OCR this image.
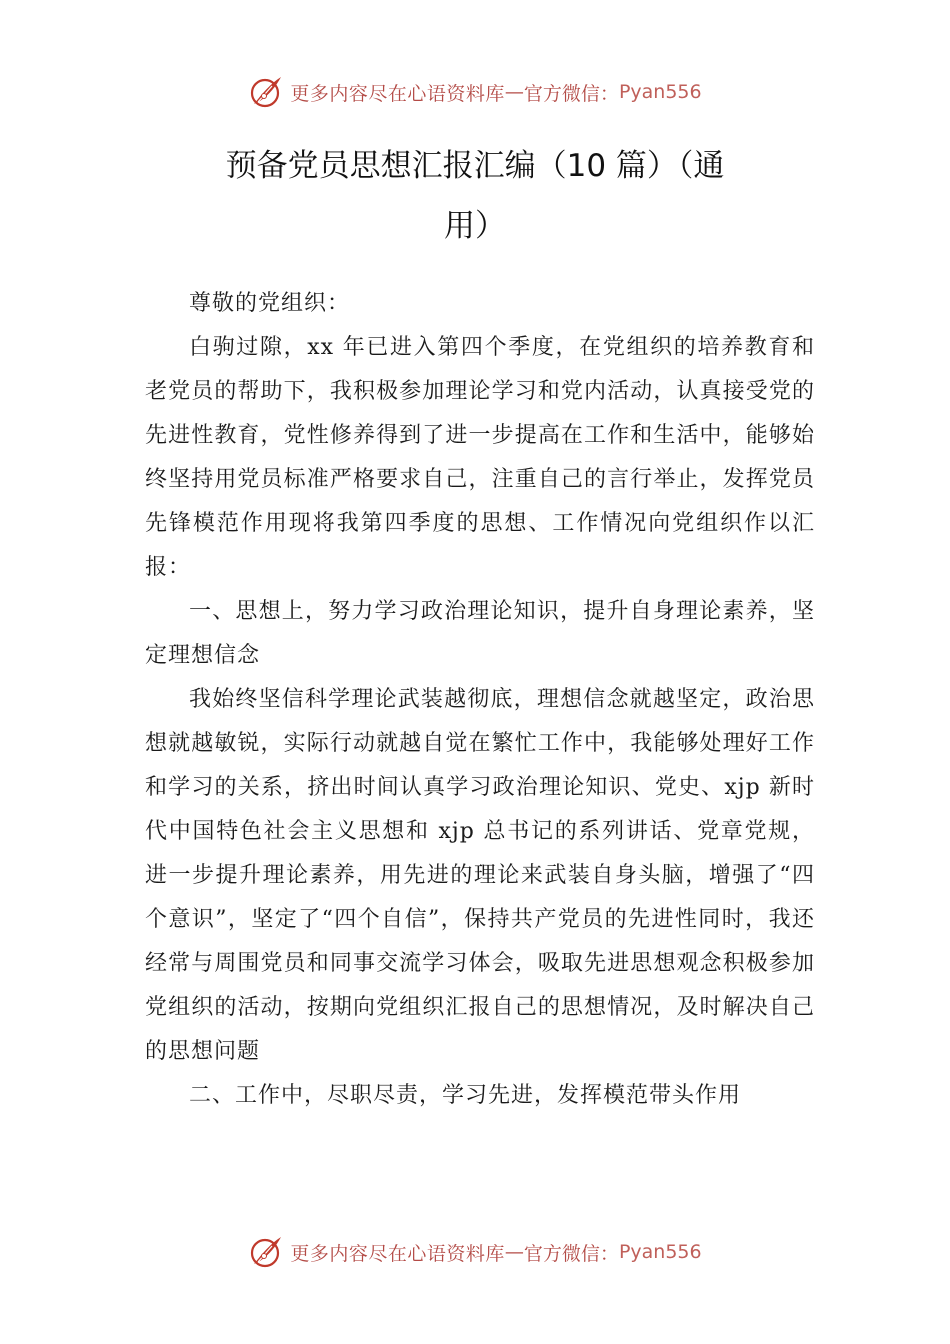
更多内容尽在心语资料库 — 官方微信： Pyan556
预备党员思想汇报汇编（10 篇）（通
用）

尊敬的党组织：

白驹过隙，xx 年已进入第四个季度，在党组织的培养教育和老党员的帮助下，我积极参加理论学习和党内活动，认真接受党的先进性教育，党性修养得到了进一步提高在工作和生活中，能够始终坚持用党员标准严格要求自己，注重自己的言行举止，发挥党员先锋模范作用现将我第四季度的思想、工作情况向党组织作以汇报：

一、思想上，努力学习政治理论知识，提升自身理论素养，坚定理想信念

我始终坚信科学理论武装越彻底，理想信念就越坚定，政治思想就越敏锐，实际行动就越自觉在繁忙工作中，我能够处理好工作和学习的关系，挤出时间认真学习政治理论知识、党史、xjp 新时代中国特色社会主义思想和 xjp 总书记的系列讲话、党章党规，进一步提升理论素养，用先进的理论来武装自身头脑，增强了“四个意识”，坚定了“四个自信”，保持共产党员的先进性同时，我还经常与周围党员和同事交流学习体会，吸取先进思想观念积极参加党组织的活动，按期向党组织汇报自己的思想情况，及时解决自己的思想问题

二、工作中，尽职尽责，学习先进，发挥模范带头作用

更多内容尽在心语资料库 — 官方微信： Pyan556
